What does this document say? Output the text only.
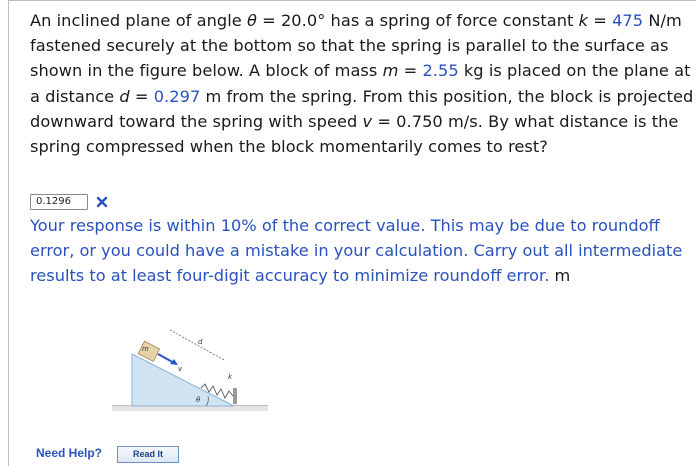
An inclined plane of angle θ = 20.0° has a spring of force constant k = 475 N/m fastened securely at the bottom so that the spring is parallel to the surface as shown in the figure below. A block of mass m = 2.55 kg is placed on the plane at a distance d = 0.297 m from the spring. From this position, the block is projected downward toward the spring with speed v = 0.750 m/s. By what distance is the spring compressed when the block momentarily comes to rest?

0.1296
Your response is within 10% of the correct value. This may be due to roundoff error, or you could have a mistake in your calculation. Carry out all intermediate results to at least four-digit accuracy to minimize roundoff error. m
m
v
d
k
θ
Need Help?	Read It
